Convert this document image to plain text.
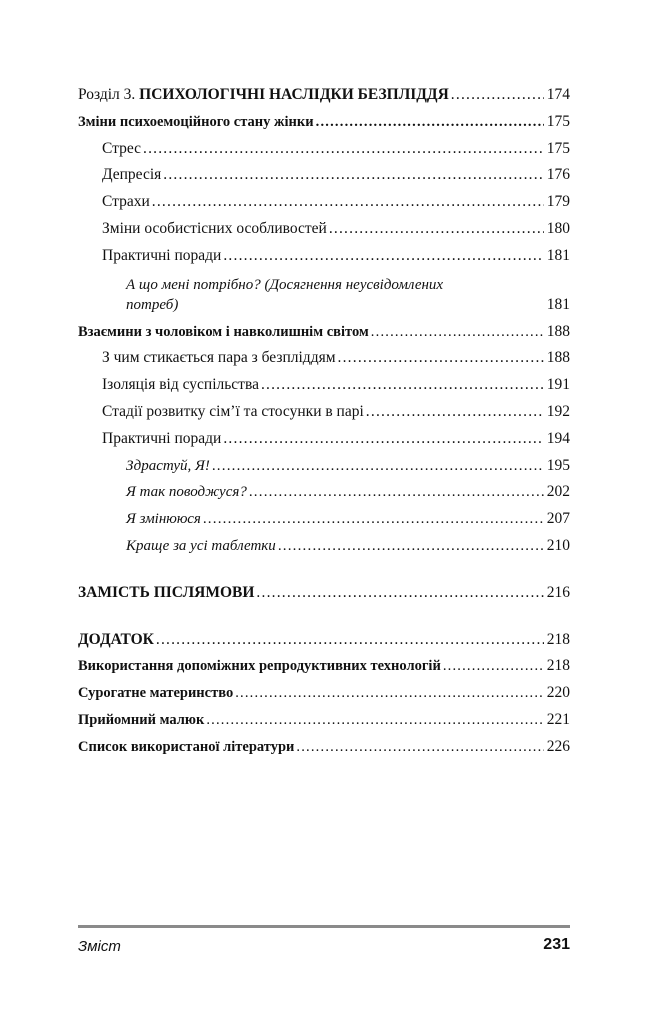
Розділ 3. ПСИХОЛОГІЧНІ НАСЛІДКИ БЕЗПЛІДДЯ .....	174
Зміни психоемоційного стану жінки .....	175
Стрес .....	175
Депресія .....	176
Страхи .....	179
Зміни особистісних особливостей .....	180
Практичні поради .....	181
А що мені потрібно? (Досягнення неусвідомлених
потреб)	181
Взаємини з чоловіком і навколишнім світом .....	188
З чим стикається пара з безпліддям .....	188
Ізоляція від суспільства .....	191
Стадії розвитку сім’ї та стосунки в парі .....	192
Практичні поради .....	194
Здрастуй, Я! .....	195
Я так поводжуся? .....	202
Я змінююся .....	207
Краще за усі таблетки .....	210
ЗАМІСТЬ ПІСЛЯМОВИ .....	216
ДОДАТОК .....	218
Використання допоміжних репродуктивних технологій .....	218
Сурогатне материнство .....	220
Прийомний малюк .....	221
Список використаної літератури .....	226
Зміст	231
